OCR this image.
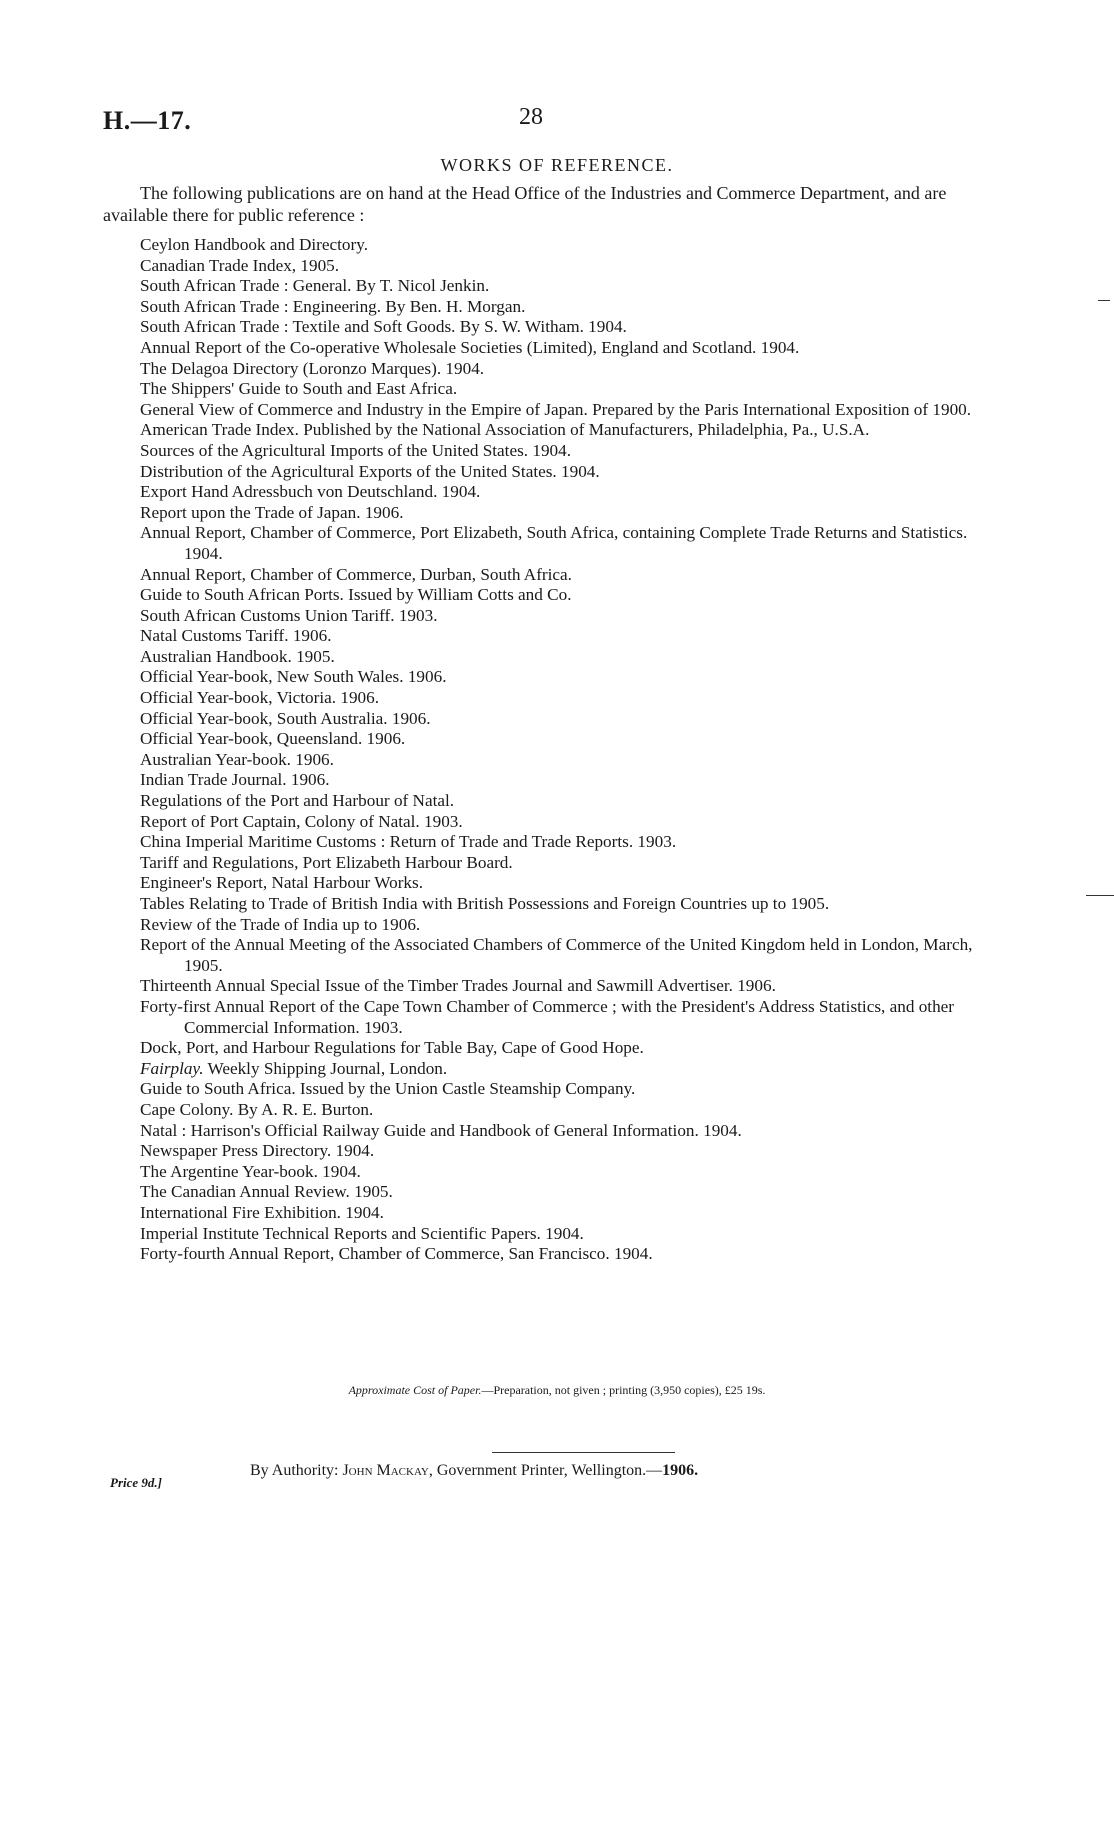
H.—17.	28
WORKS OF REFERENCE.
The following publications are on hand at the Head Office of the Industries and Commerce Department, and are available there for public reference :
Ceylon Handbook and Directory.
Canadian Trade Index, 1905.
South African Trade : General. By T. Nicol Jenkin.
South African Trade : Engineering. By Ben. H. Morgan.
South African Trade : Textile and Soft Goods. By S. W. Witham. 1904.
Annual Report of the Co-operative Wholesale Societies (Limited), England and Scotland. 1904.
The Delagoa Directory (Loronzo Marques). 1904.
The Shippers' Guide to South and East Africa.
General View of Commerce and Industry in the Empire of Japan. Prepared by the Paris International Exposition of 1900.
American Trade Index. Published by the National Association of Manufacturers, Philadelphia, Pa., U.S.A.
Sources of the Agricultural Imports of the United States. 1904.
Distribution of the Agricultural Exports of the United States. 1904.
Export Hand Adressbuch von Deutschland. 1904.
Report upon the Trade of Japan. 1906.
Annual Report, Chamber of Commerce, Port Elizabeth, South Africa, containing Complete Trade Returns and Statistics. 1904.
Annual Report, Chamber of Commerce, Durban, South Africa.
Guide to South African Ports. Issued by William Cotts and Co.
South African Customs Union Tariff. 1903.
Natal Customs Tariff. 1906.
Australian Handbook. 1905.
Official Year-book, New South Wales. 1906.
Official Year-book, Victoria. 1906.
Official Year-book, South Australia. 1906.
Official Year-book, Queensland. 1906.
Australian Year-book. 1906.
Indian Trade Journal. 1906.
Regulations of the Port and Harbour of Natal.
Report of Port Captain, Colony of Natal. 1903.
China Imperial Maritime Customs : Return of Trade and Trade Reports. 1903.
Tariff and Regulations, Port Elizabeth Harbour Board.
Engineer's Report, Natal Harbour Works.
Tables Relating to Trade of British India with British Possessions and Foreign Countries up to 1905.
Review of the Trade of India up to 1906.
Report of the Annual Meeting of the Associated Chambers of Commerce of the United Kingdom held in London, March, 1905.
Thirteenth Annual Special Issue of the Timber Trades Journal and Sawmill Advertiser. 1906.
Forty-first Annual Report of the Cape Town Chamber of Commerce ; with the President's Address Statistics, and other Commercial Information. 1903.
Dock, Port, and Harbour Regulations for Table Bay, Cape of Good Hope.
Fairplay. Weekly Shipping Journal, London.
Guide to South Africa. Issued by the Union Castle Steamship Company.
Cape Colony. By A. R. E. Burton.
Natal : Harrison's Official Railway Guide and Handbook of General Information. 1904.
Newspaper Press Directory. 1904.
The Argentine Year-book. 1904.
The Canadian Annual Review. 1905.
International Fire Exhibition. 1904.
Imperial Institute Technical Reports and Scientific Papers. 1904.
Forty-fourth Annual Report, Chamber of Commerce, San Francisco. 1904.
Approximate Cost of Paper.—Preparation, not given ; printing (3,950 copies), £25 19s.
Price 9d.]
By Authority: John Mackay, Government Printer, Wellington.—1906.
